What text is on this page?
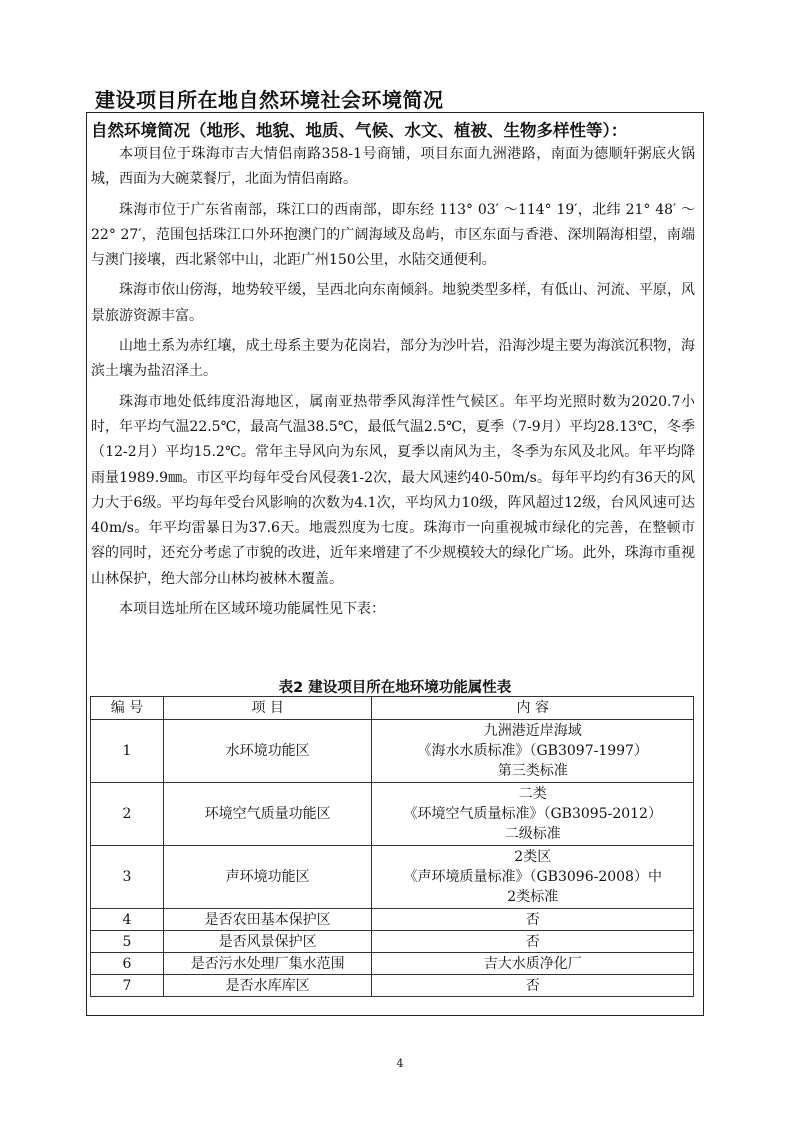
建设项目所在地自然环境社会环境简况
自然环境简况（地形、地貌、地质、气候、水文、植被、生物多样性等）：

本项目位于珠海市吉大情侣南路358-1号商铺，项目东面九洲港路，南面为德顺轩粥底火锅城，西面为大碗菜餐厅，北面为情侣南路。

珠海市位于广东省南部，珠江口的西南部，即东经 113° 03′ ～114° 19′，北纬 21° 48′ ～22° 27′，范围包括珠江口外环抱澳门的广阔海域及岛屿，市区东面与香港、深圳隔海相望，南端与澳门接壤，西北紧邻中山，北距广州150公里，水陆交通便利。

珠海市依山傍海，地势较平缓，呈西北向东南倾斜。地貌类型多样，有低山、河流、平原，风景旅游资源丰富。

山地土系为赤红壤，成土母系主要为花岗岩，部分为沙叶岩，沿海沙堤主要为海滨沉积物，海滨土壤为盐沼泽土。

珠海市地处低纬度沿海地区，属南亚热带季风海洋性气候区。年平均光照时数为2020.7小时，年平均气温22.5℃，最高气温38.5℃，最低气温2.5℃，夏季（7-9月）平均28.13℃，冬季（12-2月）平均15.2℃。常年主导风向为东风，夏季以南风为主，冬季为东风及北风。年平均降雨量1989.9㎜。市区平均每年受台风侵袭1-2次，最大风速约40-50m/s。每年平均约有36天的风力大于6级。平均每年受台风影响的次数为4.1次，平均风力10级，阵风超过12级，台风风速可达40m/s。年平均雷暴日为37.6天。地震烈度为七度。珠海市一向重视城市绿化的完善，在整顿市容的同时，还充分考虑了市貌的改进，近年来增建了不少规模较大的绿化广场。此外，珠海市重视山林保护，绝大部分山林均被林木覆盖。

本项目选址所在区域环境功能属性见下表：

表2 建设项目所在地环境功能属性表
编 号	项 目	内 容
1	水环境功能区	九洲港近岸海域
《海水水质标准》（GB3097-1997）
第三类标准

2	环境空气质量功能区	二类
《环境空气质量标准》（GB3095-2012）
二级标准

3	声环境功能区	2类区
《声环境质量标准》（GB3096-2008）中
2类标准

4	是否农田基本保护区	否
5	是否风景保护区	否
6	是否污水处理厂集水范围	吉大水质净化厂
7	是否水库库区	否
4
